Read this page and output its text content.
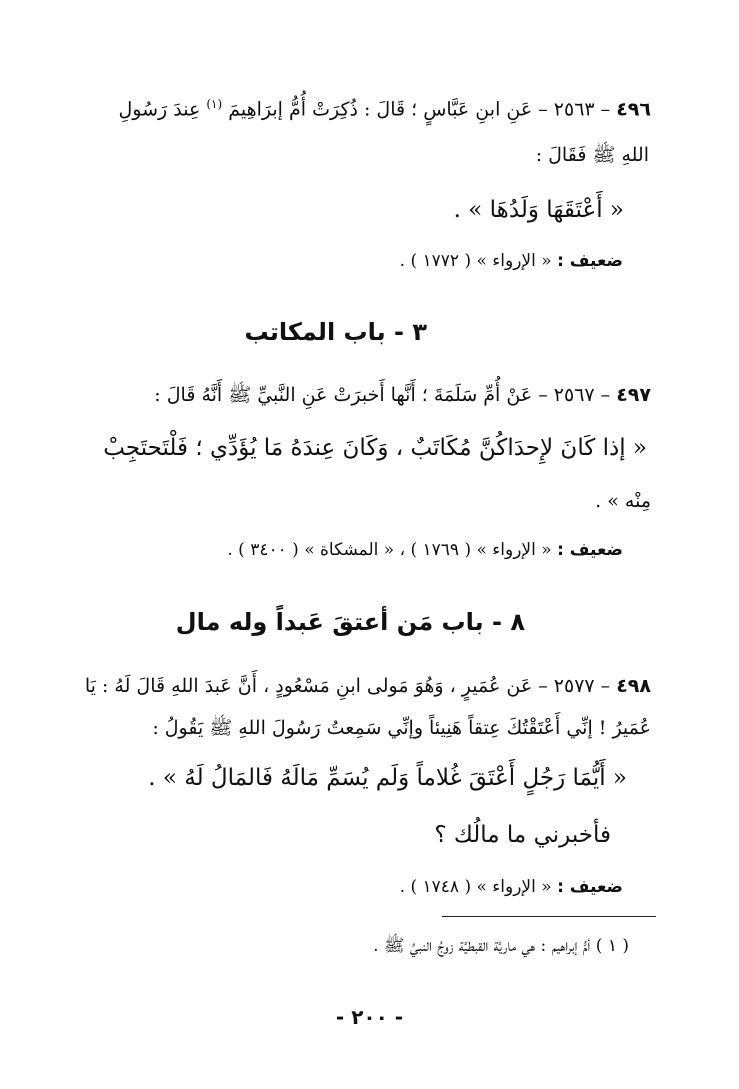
٤٩٦ – ٢٥٦٣ – عَنِ ابنِ عَبَّاسٍ ؛ قَالَ : ذُكِرَتْ أُمُّ إبرَاهِيمَ $^{(١)}$ عِندَ رَسُولِ
اللهِ ﷺ فَقَالَ :
« أَعْتَقَهَا وَلَدُهَا » .
ضعيف : « الإرواء » ( ١٧٧٢ ) .
٣ - باب المكاتب
٤٩٧ – ٢٥٦٧ – عَنْ أُمِّ سَلَمَةَ ؛ أَنَّها أَخبرَتْ عَنِ النَّبيِّ ﷺ أَنَّهُ قَالَ :
« إذا كَانَ لإِحدَاكُنَّ مُكَاتَبٌ ، وَكَانَ عِندَهُ مَا يُؤَدِّي ؛ فَلْتَحتَجِبْ
مِنْه » .
ضعيف : « الإرواء » ( ١٧٦٩ ) ، « المشكاة » ( ٣٤٠٠ ) .
٨ - باب مَن أعتقَ عَبداً وله مال
٤٩٨ – ٢٥٧٧ – عَن عُمَيرٍ ، وَهُوَ مَولى ابنِ مَسْعُودٍ ، أَنَّ عَبدَ اللهِ قَالَ لَهُ : يَا
عُمَيرُ ! إنِّي أَعْتَقْتُكَ عِتقاً هَنِيئاً وإنِّي سَمِعتُ رَسُولَ اللهِ ﷺ يَقُولُ :
« أَيُّمَا رَجُلٍ أَعْتَقَ غُلاماً وَلَم يُسَمِّ مَالَهُ فَالمَالُ لَهُ » .
فأخبرني ما مالُك ؟
ضعيف : « الإرواء » ( ١٧٤٨ ) .
( ١ ) أمُّ إبراهيم : هي ماريَّة القبطيَّة زوجُ النبيِّ ﷺ .
- ٢٠٠ -
